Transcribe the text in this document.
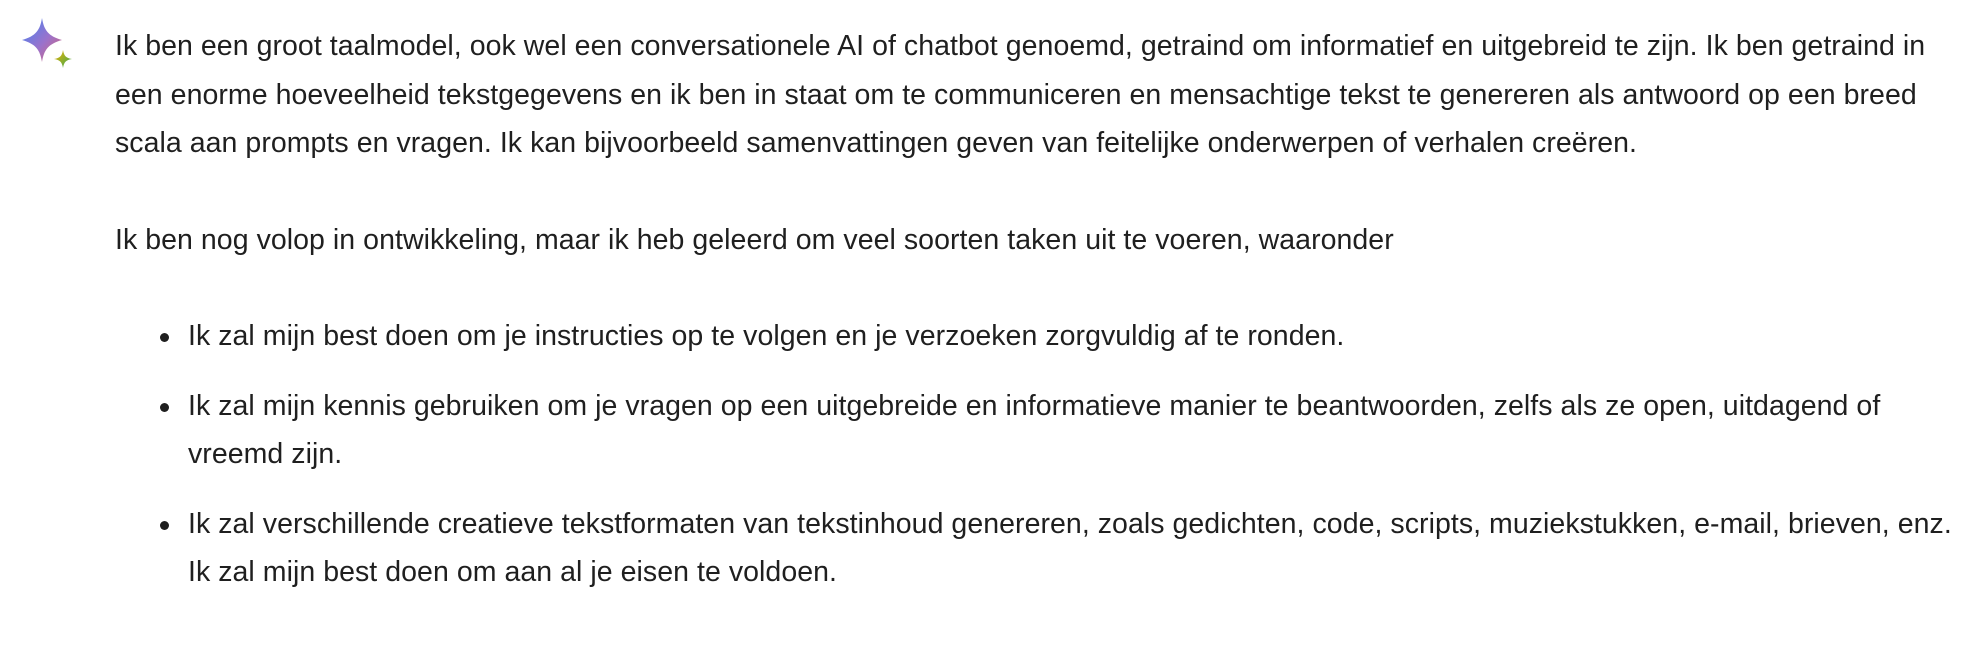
Ik ben een groot taalmodel, ook wel een conversationele AI of chatbot genoemd, getraind om informatief en uitgebreid te zijn. Ik ben getraind in een enorme hoeveelheid tekstgegevens en ik ben in staat om te communiceren en mensachtige tekst te genereren als antwoord op een breed scala aan prompts en vragen. Ik kan bijvoorbeeld samenvattingen geven van feitelijke onderwerpen of verhalen creëren.

Ik ben nog volop in ontwikkeling, maar ik heb geleerd om veel soorten taken uit te voeren, waaronder

Ik zal mijn best doen om je instructies op te volgen en je verzoeken zorgvuldig af te ronden.
Ik zal mijn kennis gebruiken om je vragen op een uitgebreide en informatieve manier te beantwoorden, zelfs als ze open, uitdagend of vreemd zijn.
Ik zal verschillende creatieve tekstformaten van tekstinhoud genereren, zoals gedichten, code, scripts, muziekstukken, e-mail, brieven, enz. Ik zal mijn best doen om aan al je eisen te voldoen.
